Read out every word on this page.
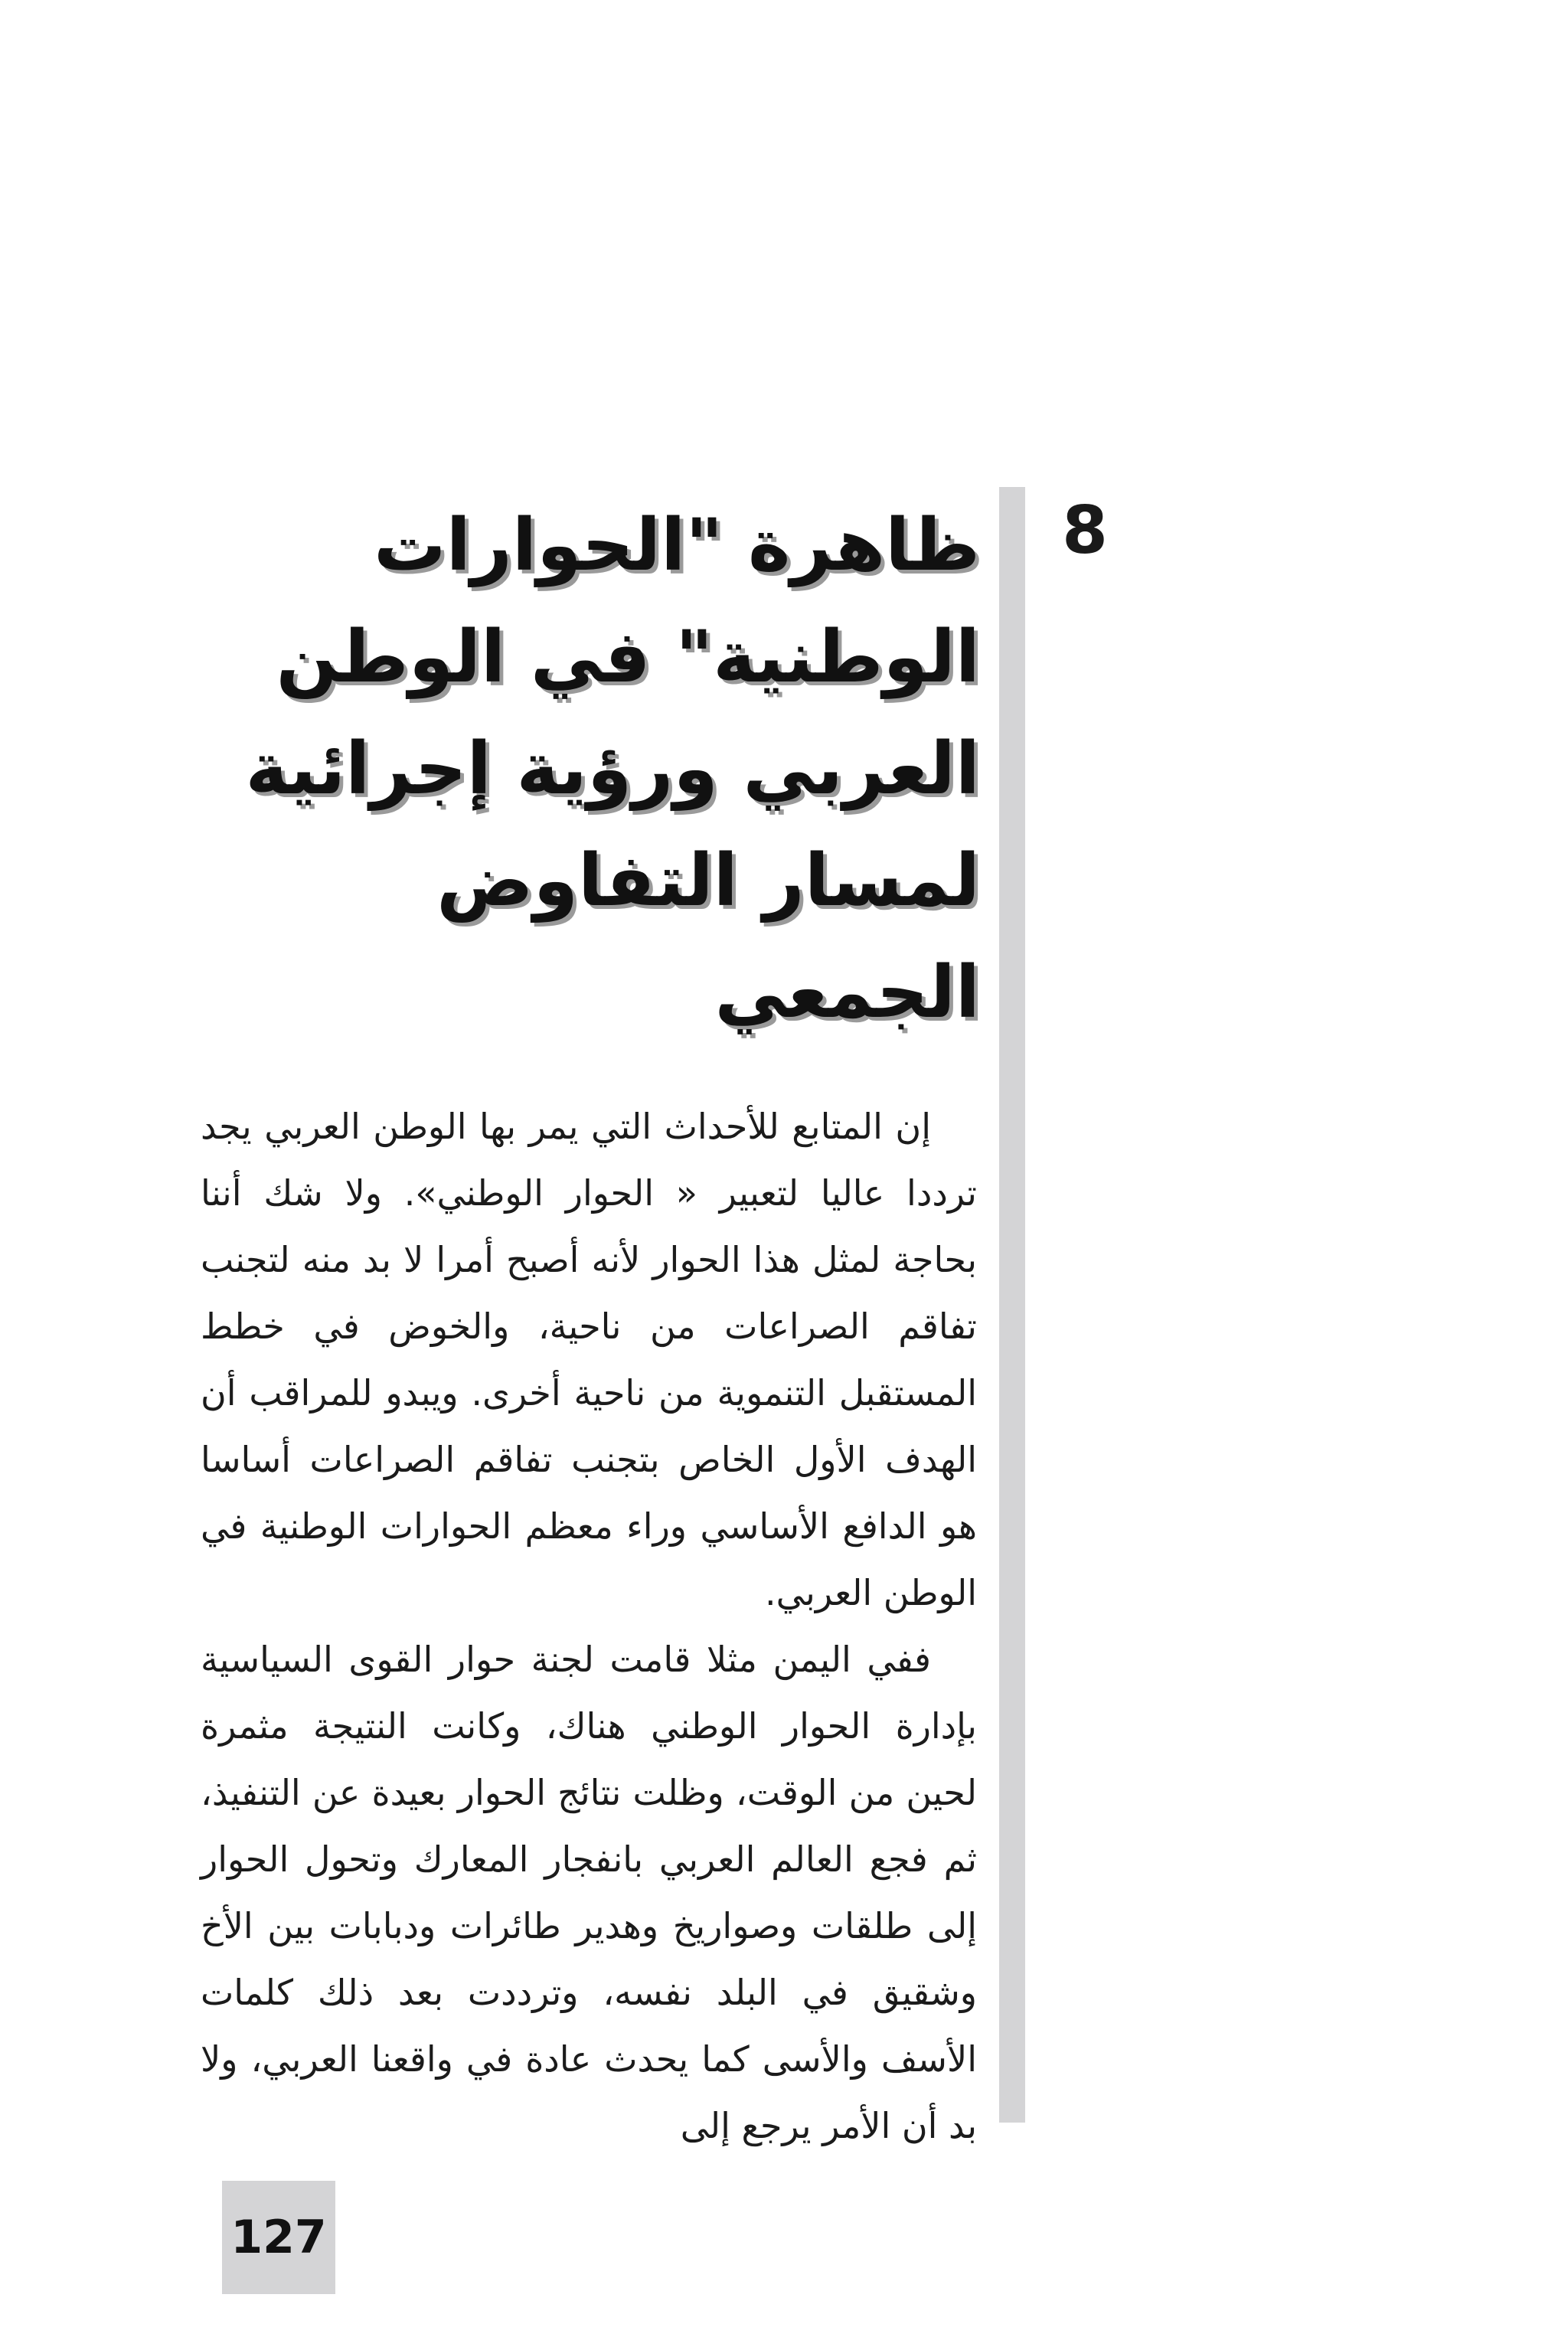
8
ظاهرة "الحوارات الوطنية" في الوطن العربي ورؤية إجرائية لمسار التفاوض الجمعي

إن المتابع للأحداث التي يمر بها الوطن العربي يجد ترددا عاليا لتعبير « الحوار الوطني». ولا شك أننا بحاجة لمثل هذا الحوار لأنه أصبح أمرا لا بد منه لتجنب تفاقم الصراعات من ناحية، والخوض في خطط المستقبل التنموية من ناحية أخرى. ويبدو للمراقب أن الهدف الأول الخاص بتجنب تفاقم الصراعات أساسا هو الدافع الأساسي وراء معظم الحوارات الوطنية في الوطن العربي.

ففي اليمن مثلا قامت لجنة حوار القوى السياسية بإدارة الحوار الوطني هناك، وكانت النتيجة مثمرة لحين من الوقت، وظلت نتائج الحوار بعيدة عن التنفيذ، ثم فجع العالم العربي بانفجار المعارك وتحول الحوار إلى طلقات وصواريخ وهدير طائرات ودبابات بين الأخ وشقيق في البلد نفسه، وترددت بعد ذلك كلمات الأسف والأسى كما يحدث عادة في واقعنا العربي، ولا بد أن الأمر يرجع إلى

127
